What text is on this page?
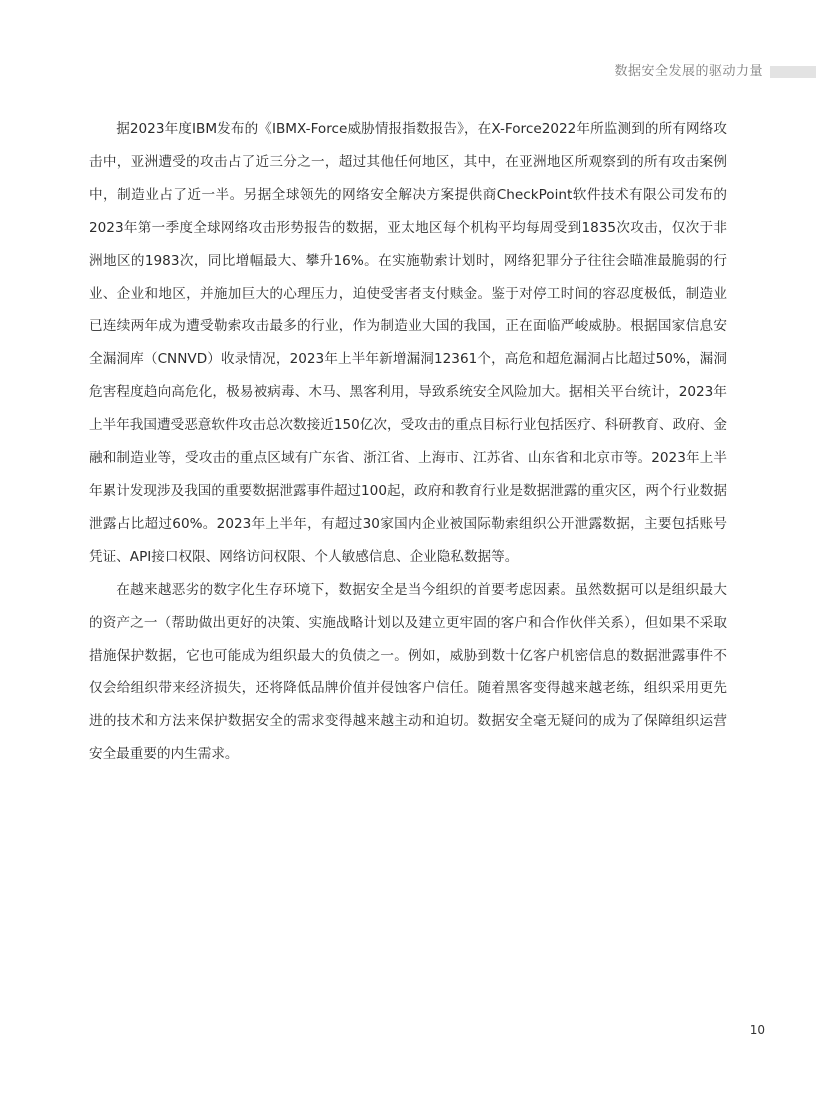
数据安全发展的驱动力量

据2023年度IBM发布的《IBMX-Force威胁情报指数报告》，在X-Force2022年所监测到的所有网络攻击中，亚洲遭受的攻击占了近三分之一，超过其他任何地区，其中，在亚洲地区所观察到的所有攻击案例中，制造业占了近一半。另据全球领先的网络安全解决方案提供商CheckPoint软件技术有限公司发布的2023年第一季度全球网络攻击形势报告的数据，亚太地区每个机构平均每周受到1835次攻击，仅次于非洲地区的1983次，同比增幅最大、攀升16%。在实施勒索计划时，网络犯罪分子往往会瞄准最脆弱的行业、企业和地区，并施加巨大的心理压力，迫使受害者支付赎金。鉴于对停工时间的容忍度极低，制造业已连续两年成为遭受勒索攻击最多的行业，作为制造业大国的我国，正在面临严峻威胁。根据国家信息安全漏洞库（CNNVD）收录情况，2023年上半年新增漏洞12361个，高危和超危漏洞占比超过50%，漏洞危害程度趋向高危化，极易被病毒、木马、黑客利用，导致系统安全风险加大。据相关平台统计，2023年上半年我国遭受恶意软件攻击总次数接近150亿次，受攻击的重点目标行业包括医疗、科研教育、政府、金融和制造业等，受攻击的重点区域有广东省、浙江省、上海市、江苏省、山东省和北京市等。2023年上半年累计发现涉及我国的重要数据泄露事件超过100起，政府和教育行业是数据泄露的重灾区，两个行业数据泄露占比超过60%。2023年上半年，有超过30家国内企业被国际勒索组织公开泄露数据，主要包括账号凭证、API接口权限、网络访问权限、个人敏感信息、企业隐私数据等。

在越来越恶劣的数字化生存环境下，数据安全是当今组织的首要考虑因素。虽然数据可以是组织最大的资产之一（帮助做出更好的决策、实施战略计划以及建立更牢固的客户和合作伙伴关系），但如果不采取措施保护数据，它也可能成为组织最大的负债之一。例如，威胁到数十亿客户机密信息的数据泄露事件不仅会给组织带来经济损失，还将降低品牌价值并侵蚀客户信任。随着黑客变得越来越老练，组织采用更先进的技术和方法来保护数据安全的需求变得越来越主动和迫切。数据安全毫无疑问的成为了保障组织运营安全最重要的内生需求。

10
